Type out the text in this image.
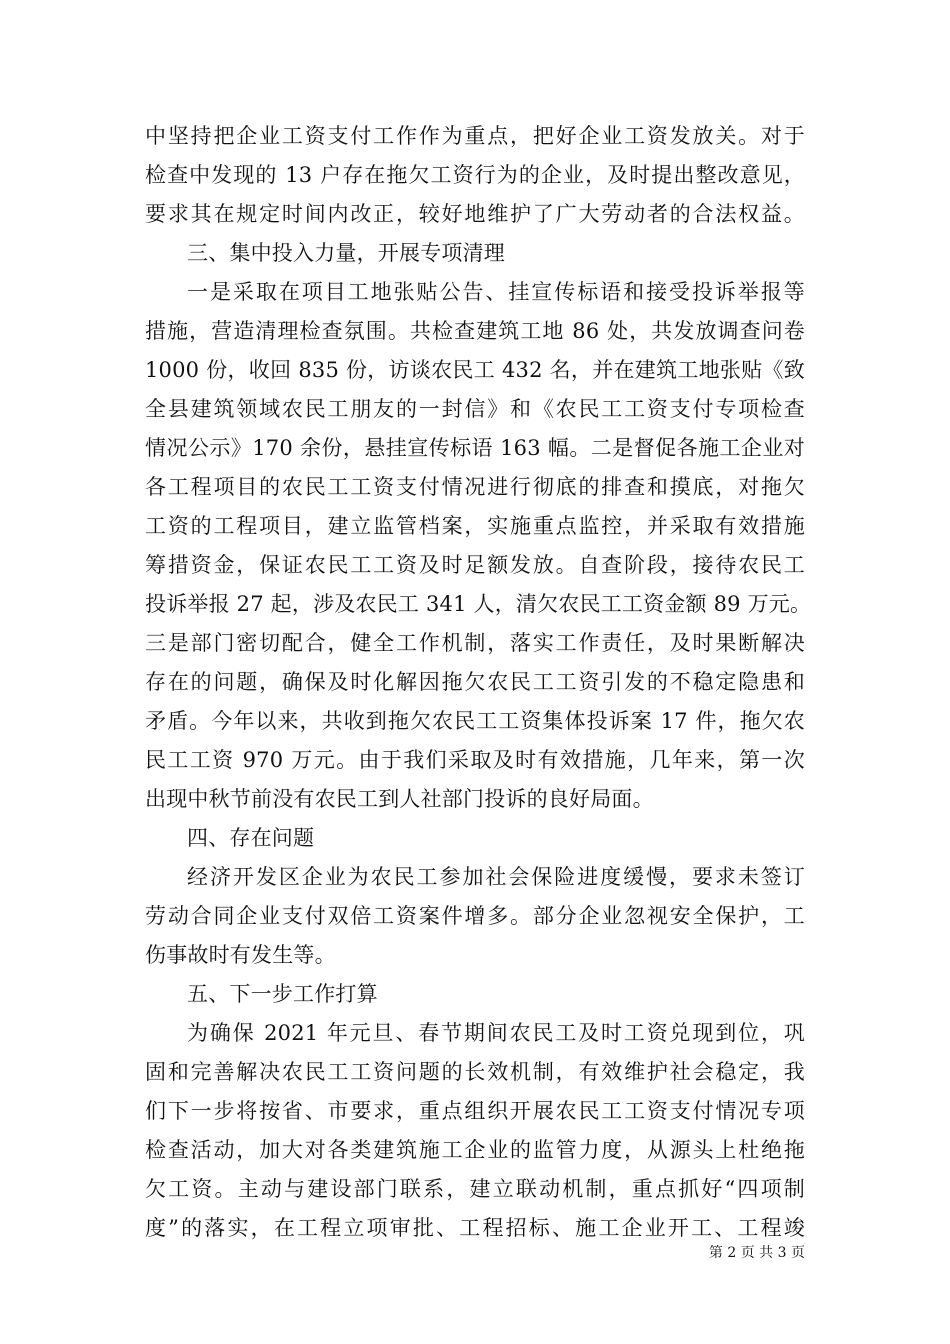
中坚持把企业工资支付工作作为重点，把好企业工资发放关。对于
检查中发现的 13 户存在拖欠工资行为的企业，及时提出整改意见，
要求其在规定时间内改正，较好地维护了广大劳动者的合法权益。
三、集中投入力量，开展专项清理
一是采取在项目工地张贴公告、挂宣传标语和接受投诉举报等
措施，营造清理检查氛围。共检查建筑工地 86 处，共发放调查问卷
1000 份，收回 835 份，访谈农民工 432 名，并在建筑工地张贴《致
全县建筑领域农民工朋友的一封信》和《农民工工资支付专项检查
情况公示》170 余份，悬挂宣传标语 163 幅。二是督促各施工企业对
各工程项目的农民工工资支付情况进行彻底的排查和摸底，对拖欠
工资的工程项目，建立监管档案，实施重点监控，并采取有效措施
筹措资金，保证农民工工资及时足额发放。自查阶段，接待农民工
投诉举报 27 起，涉及农民工 341 人，清欠农民工工资金额 89 万元。
三是部门密切配合，健全工作机制，落实工作责任，及时果断解决
存在的问题，确保及时化解因拖欠农民工工资引发的不稳定隐患和
矛盾。今年以来，共收到拖欠农民工工资集体投诉案 17 件，拖欠农
民工工资 970 万元。由于我们采取及时有效措施，几年来，第一次
出现中秋节前没有农民工到人社部门投诉的良好局面。
四、存在问题
经济开发区企业为农民工参加社会保险进度缓慢，要求未签订
劳动合同企业支付双倍工资案件增多。部分企业忽视安全保护，工
伤事故时有发生等。
五、下一步工作打算
为确保 2021 年元旦、春节期间农民工及时工资兑现到位，巩
固和完善解决农民工工资问题的长效机制，有效维护社会稳定，我
们下一步将按省、市要求，重点组织开展农民工工资支付情况专项
检查活动，加大对各类建筑施工企业的监管力度，从源头上杜绝拖
欠工资。主动与建设部门联系，建立联动机制，重点抓好“四项制
度”的落实，在工程立项审批、工程招标、施工企业开工、工程竣
第 2 页 共 3 页
